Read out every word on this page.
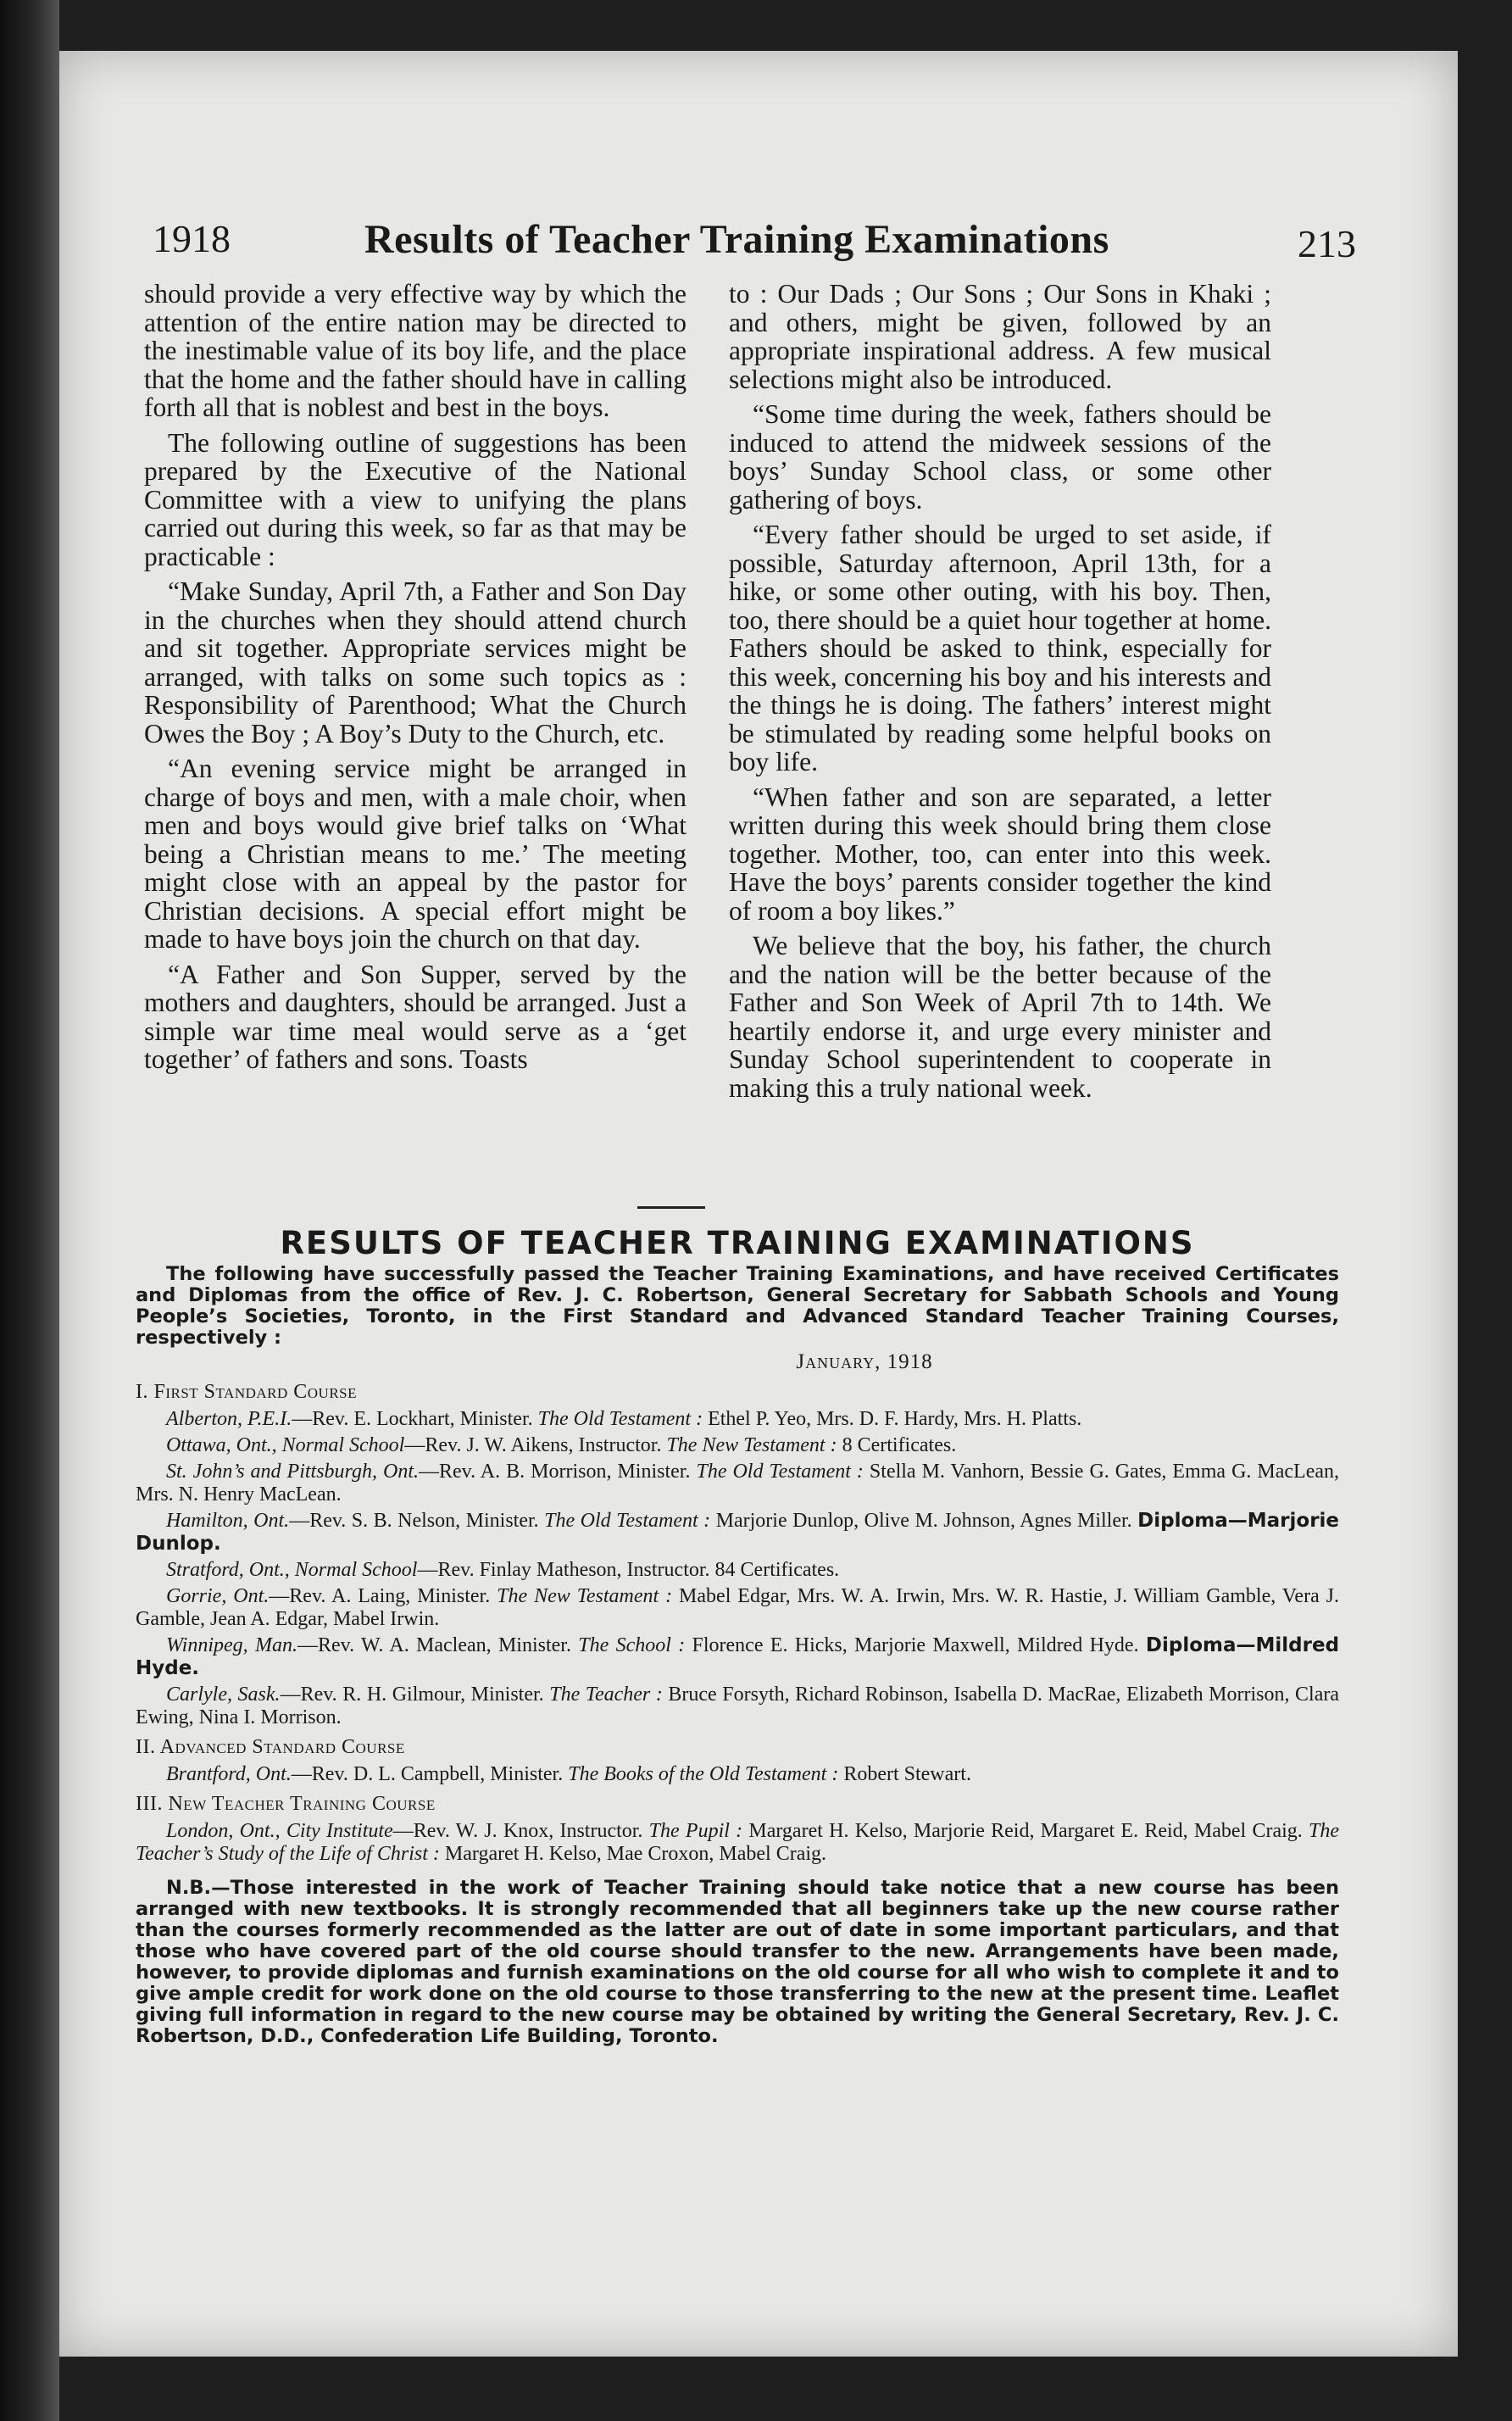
1918	Results of Teacher Training Examinations	213

should provide a very effective way by which the attention of the entire nation may be directed to the inestimable value of its boy life, and the place that the home and the father should have in calling forth all that is noblest and best in the boys.

The following outline of suggestions has been prepared by the Executive of the National Committee with a view to unifying the plans carried out during this week, so far as that may be practicable :

“Make Sunday, April 7th, a Father and Son Day in the churches when they should attend church and sit together. Appropriate services might be arranged, with talks on some such topics as : Responsibility of Parenthood; What the Church Owes the Boy ; A Boy’s Duty to the Church, etc.

“An evening service might be arranged in charge of boys and men, with a male choir, when men and boys would give brief talks on ‘What being a Christian means to me.’ The meeting might close with an appeal by the pastor for Christian decisions. A special effort might be made to have boys join the church on that day.

“A Father and Son Supper, served by the mothers and daughters, should be arranged. Just a simple war time meal would serve as a ‘get together’ of fathers and sons. Toasts

to : Our Dads ; Our Sons ; Our Sons in Khaki ; and others, might be given, followed by an appropriate inspirational address. A few musical selections might also be introduced.

“Some time during the week, fathers should be induced to attend the midweek sessions of the boys’ Sunday School class, or some other gathering of boys.

“Every father should be urged to set aside, if possible, Saturday afternoon, April 13th, for a hike, or some other outing, with his boy. Then, too, there should be a quiet hour together at home. Fathers should be asked to think, especially for this week, concerning his boy and his interests and the things he is doing. The fathers’ interest might be stimulated by reading some helpful books on boy life.

“When father and son are separated, a letter written during this week should bring them close together. Mother, too, can enter into this week. Have the boys’ parents consider together the kind of room a boy likes.”

We believe that the boy, his father, the church and the nation will be the better because of the Father and Son Week of April 7th to 14th. We heartily endorse it, and urge every minister and Sunday School superintendent to cooperate in making this a truly national week.

RESULTS OF TEACHER TRAINING EXAMINATIONS

The following have successfully passed the Teacher Training Examinations, and have received Certificates and Diplomas from the office of Rev. J. C. Robertson, General Secretary for Sabbath Schools and Young People’s Societies, Toronto, in the First Standard and Advanced Standard Teacher Training Courses, respectively :

January, 1918
I. First Standard Course

Alberton, P.E.I.—Rev. E. Lockhart, Minister. The Old Testament : Ethel P. Yeo, Mrs. D. F. Hardy, Mrs. H. Platts.

Ottawa, Ont., Normal School—Rev. J. W. Aikens, Instructor. The New Testament : 8 Certificates.

St. John’s and Pittsburgh, Ont.—Rev. A. B. Morrison, Minister. The Old Testament : Stella M. Vanhorn, Bessie G. Gates, Emma G. MacLean, Mrs. N. Henry MacLean.

Hamilton, Ont.—Rev. S. B. Nelson, Minister. The Old Testament : Marjorie Dunlop, Olive M. Johnson, Agnes Miller. Diploma—Marjorie Dunlop.

Stratford, Ont., Normal School—Rev. Finlay Matheson, Instructor. 84 Certificates.

Gorrie, Ont.—Rev. A. Laing, Minister. The New Testament : Mabel Edgar, Mrs. W. A. Irwin, Mrs. W. R. Hastie, J. William Gamble, Vera J. Gamble, Jean A. Edgar, Mabel Irwin.

Winnipeg, Man.—Rev. W. A. Maclean, Minister. The School : Florence E. Hicks, Marjorie Maxwell, Mildred Hyde. Diploma—Mildred Hyde.

Carlyle, Sask.—Rev. R. H. Gilmour, Minister. The Teacher : Bruce Forsyth, Richard Robinson, Isabella D. MacRae, Elizabeth Morrison, Clara Ewing, Nina I. Morrison.

II. Advanced Standard Course

Brantford, Ont.—Rev. D. L. Campbell, Minister. The Books of the Old Testament : Robert Stewart.

III. New Teacher Training Course

London, Ont., City Institute—Rev. W. J. Knox, Instructor. The Pupil : Margaret H. Kelso, Marjorie Reid, Margaret E. Reid, Mabel Craig. The Teacher’s Study of the Life of Christ : Margaret H. Kelso, Mae Croxon, Mabel Craig.

N.B.—Those interested in the work of Teacher Training should take notice that a new course has been arranged with new textbooks. It is strongly recommended that all beginners take up the new course rather than the courses formerly recommended as the latter are out of date in some important particulars, and that those who have covered part of the old course should transfer to the new. Arrangements have been made, however, to provide diplomas and furnish examinations on the old course for all who wish to complete it and to give ample credit for work done on the old course to those transferring to the new at the present time. Leaflet giving full information in regard to the new course may be obtained by writing the General Secretary, Rev. J. C. Robertson, D.D., Confederation Life Building, Toronto.
